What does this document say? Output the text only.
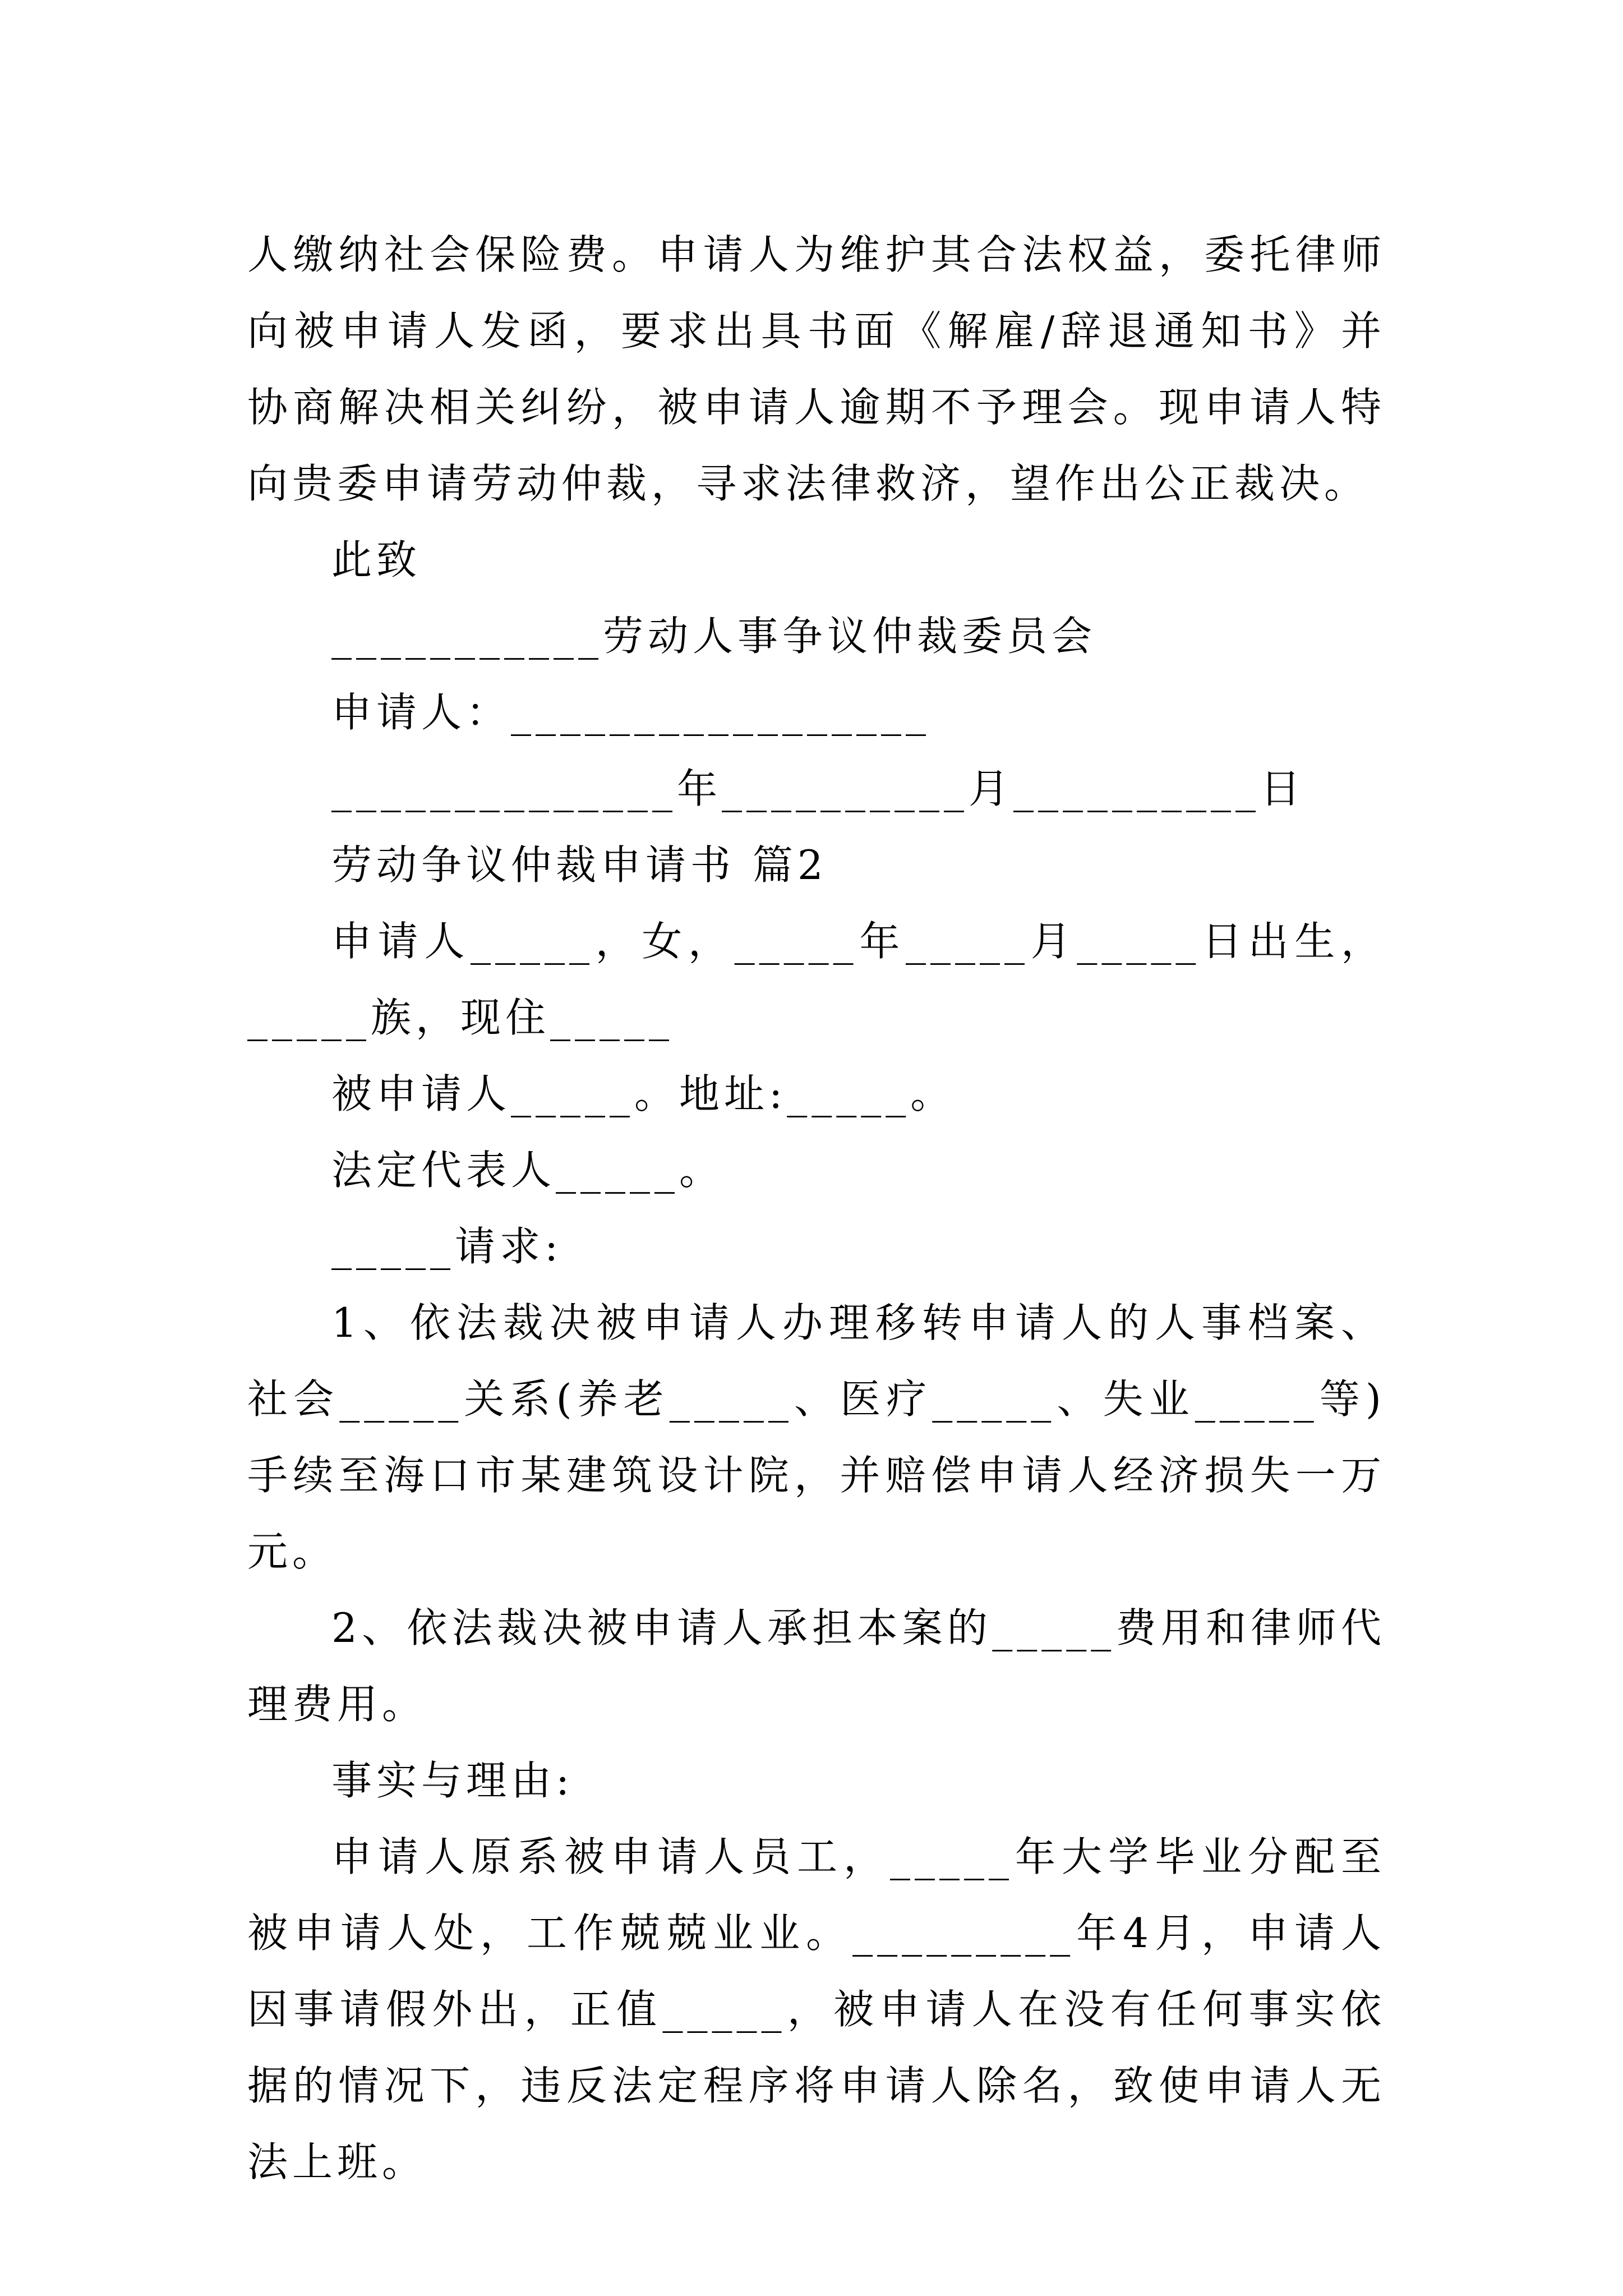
人缴纳社会保险费。申请人为维护其合法权益，委托律师向被申请人发函，要求出具书面《解雇/辞退通知书》并协商解决相关纠纷，被申请人逾期不予理会。现申请人特向贵委申请劳动仲裁，寻求法律救济，望作出公正裁决。

此致

___________劳动人事争议仲裁委员会

申请人：_________________

______________年__________月__________日

劳动争议仲裁申请书 篇2

申请人_____，女，_____年_____月_____日出生，_____族，现住_____

被申请人_____。地址:_____。

法定代表人_____。

_____请求:

1、依法裁决被申请人办理移转申请人的人事档案、社会_____关系(养老_____、医疗_____、失业_____等)手续至海口市某建筑设计院，并赔偿申请人经济损失一万元。

2、依法裁决被申请人承担本案的_____费用和律师代理费用。

事实与理由:

申请人原系被申请人员工，_____年大学毕业分配至被申请人处，工作兢兢业业。_________年4月，申请人因事请假外出，正值_____，被申请人在没有任何事实依据的情况下，违反法定程序将申请人除名，致使申请人无法上班。
